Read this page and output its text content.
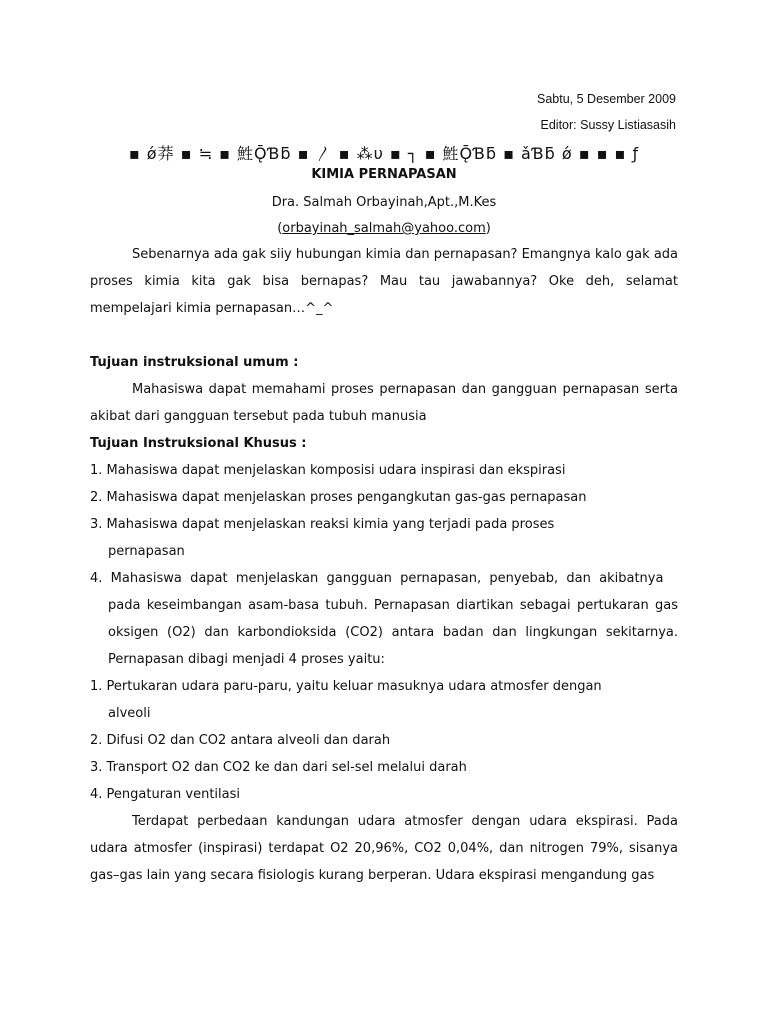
Sabtu, 5 Desember 2009
Editor: Sussy Listiasasih
▪ ǿ莽 ▪ ≒ ▪ 鮏ǬƁƃ ▪ 〳 ▪ ⁂υ ▪ ┐ ▪ 鮏ǬƁƃ ▪ ǎƁƃ ǿ ▪ ▪ ▪ ƒ
KIMIA PERNAPASAN
Dra. Salmah Orbayinah,Apt.,M.Kes
(orbayinah_salmah@yahoo.com)

Sebenarnya ada gak siiy hubungan kimia dan pernapasan? Emangnya kalo gak ada proses kimia kita gak bisa bernapas? Mau tau jawabannya? Oke deh, selamat mempelajari kimia pernapasan…^_^

Tujuan instruksional umum :

Mahasiswa dapat memahami proses pernapasan dan gangguan pernapasan serta akibat dari gangguan tersebut pada tubuh manusia

Tujuan Instruksional Khusus :

1. Mahasiswa dapat menjelaskan komposisi udara inspirasi dan ekspirasi

2. Mahasiswa dapat menjelaskan proses pengangkutan gas-gas pernapasan

3. Mahasiswa dapat menjelaskan reaksi kimia yang terjadi pada proses

pernapasan

4.  Mahasiswa  dapat  menjelaskan  gangguan  pernapasan,  penyebab,  dan  akibatnya

pada keseimbangan asam-basa tubuh. Pernapasan diartikan sebagai pertukaran gas oksigen (O2) dan karbondioksida (CO2) antara badan dan lingkungan sekitarnya. Pernapasan dibagi menjadi 4 proses yaitu:

1. Pertukaran udara paru-paru, yaitu keluar masuknya udara atmosfer dengan

alveoli

2. Difusi O2 dan CO2 antara alveoli dan darah

3. Transport O2 dan CO2 ke dan dari sel-sel melalui darah

4. Pengaturan ventilasi

Terdapat perbedaan kandungan udara atmosfer dengan udara ekspirasi. Pada udara atmosfer (inspirasi) terdapat O2 20,96%, CO2 0,04%, dan nitrogen 79%, sisanya gas–gas lain yang secara fisiologis kurang berperan. Udara ekspirasi mengandung gas
